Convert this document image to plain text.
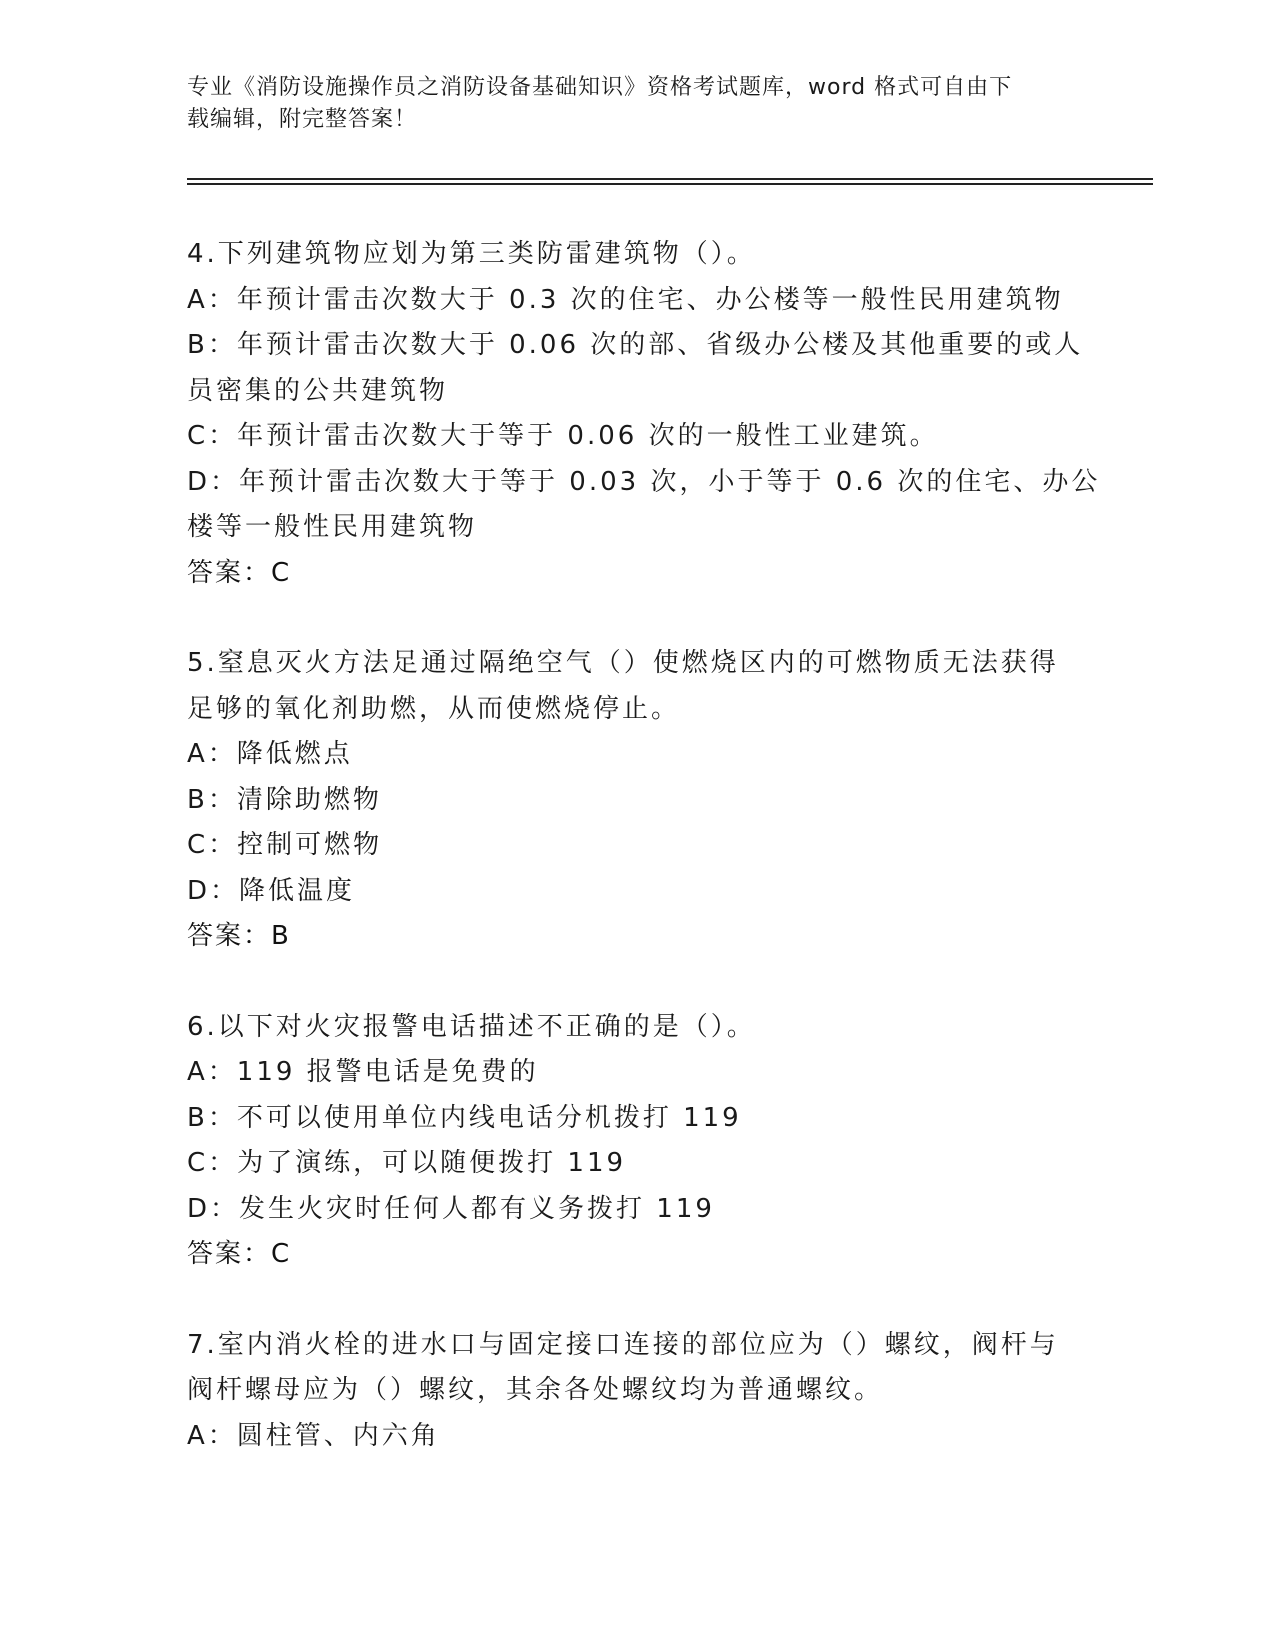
专业《消防设施操作员之消防设备基础知识》资格考试题库，word 格式可自由下
载编辑，附完整答案！
4.下列建筑物应划为第三类防雷建筑物（）。
A：年预计雷击次数大于 0.3 次的住宅、办公楼等一般性民用建筑物
B：年预计雷击次数大于 0.06 次的部、省级办公楼及其他重要的或人
员密集的公共建筑物
C：年预计雷击次数大于等于 0.06 次的一般性工业建筑。
D：年预计雷击次数大于等于 0.03 次，小于等于 0.6 次的住宅、办公
楼等一般性民用建筑物
答案：C
5.窒息灭火方法足通过隔绝空气（）使燃烧区内的可燃物质无法获得
足够的氧化剂助燃，从而使燃烧停止。
A：降低燃点
B：清除助燃物
C：控制可燃物
D：降低温度
答案：B
6.以下对火灾报警电话描述不正确的是（）。
A：119 报警电话是免费的
B：不可以使用单位内线电话分机拨打 119
C：为了演练，可以随便拨打 119
D：发生火灾时任何人都有义务拨打 119
答案：C
7.室内消火栓的进水口与固定接口连接的部位应为（）螺纹，阀杆与
阀杆螺母应为（）螺纹，其余各处螺纹均为普通螺纹。
A：圆柱管、内六角
